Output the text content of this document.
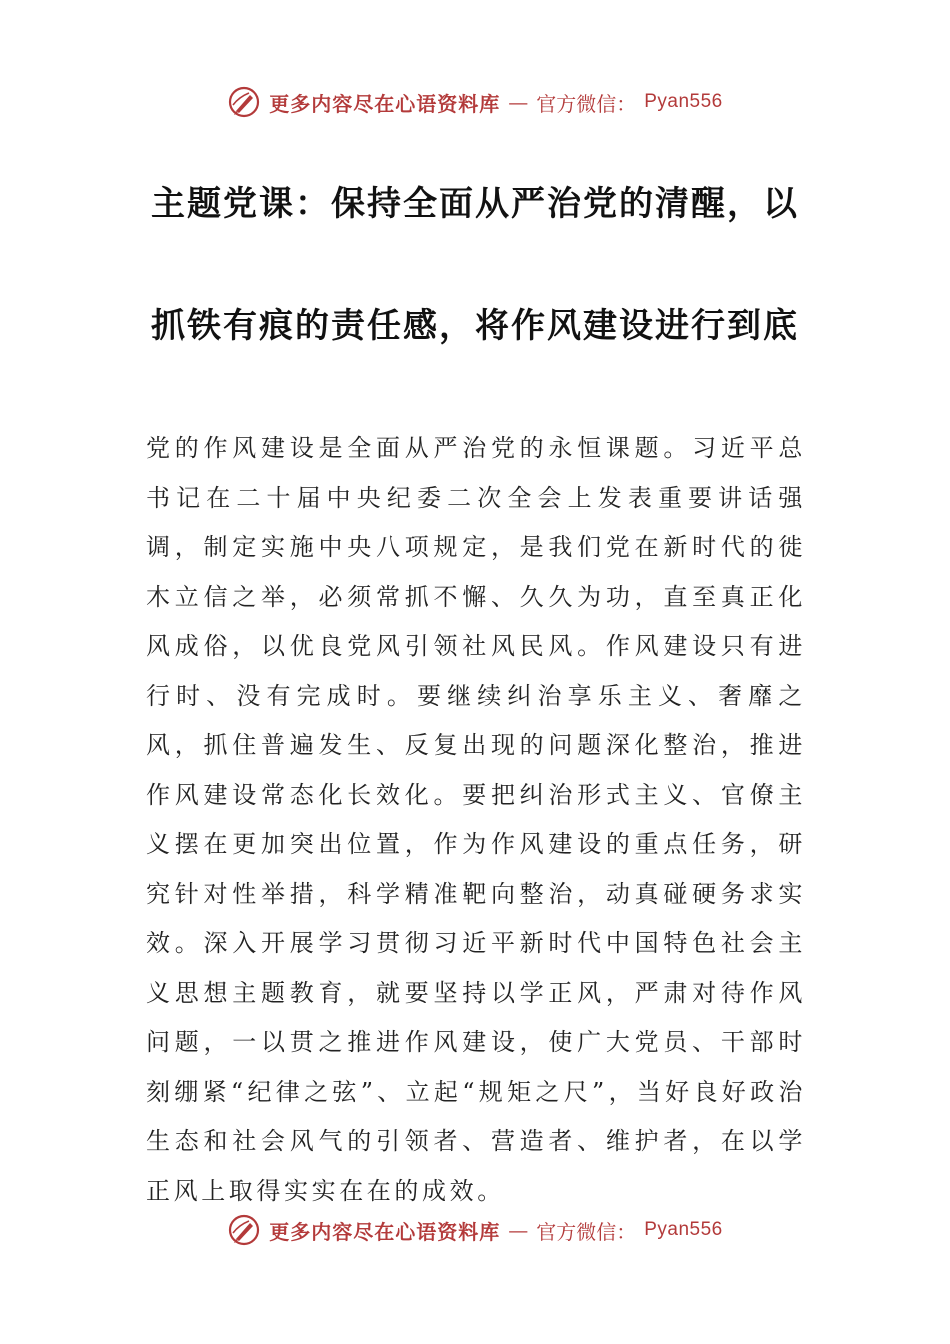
更多内容尽在心语资料库 — 官方微信： Pyan556
主题党课：保持全面从严治党的清醒，以
抓铁有痕的责任感，将作风建设进行到底

党的作风建设是全面从严治党的永恒课题。习近平总书记在二十届中央纪委二次全会上发表重要讲话强调，制定实施中央八项规定，是我们党在新时代的徙木立信之举，必须常抓不懈、久久为功，直至真正化风成俗，以优良党风引领社风民风。作风建设只有进行时、没有完成时。要继续纠治享乐主义、奢靡之风，抓住普遍发生、反复出现的问题深化整治，推进作风建设常态化长效化。要把纠治形式主义、官僚主义摆在更加突出位置，作为作风建设的重点任务，研究针对性举措，科学精准靶向整治，动真碰硬务求实效。深入开展学习贯彻习近平新时代中国特色社会主义思想主题教育，就要坚持以学正风，严肃对待作风问题，一以贯之推进作风建设，使广大党员、干部时刻绷紧“纪律之弦”、立起“规矩之尺”，当好良好政治生态和社会风气的引领者、营造者、维护者，在以学正风上取得实实在在的成效。

更多内容尽在心语资料库 — 官方微信： Pyan556
